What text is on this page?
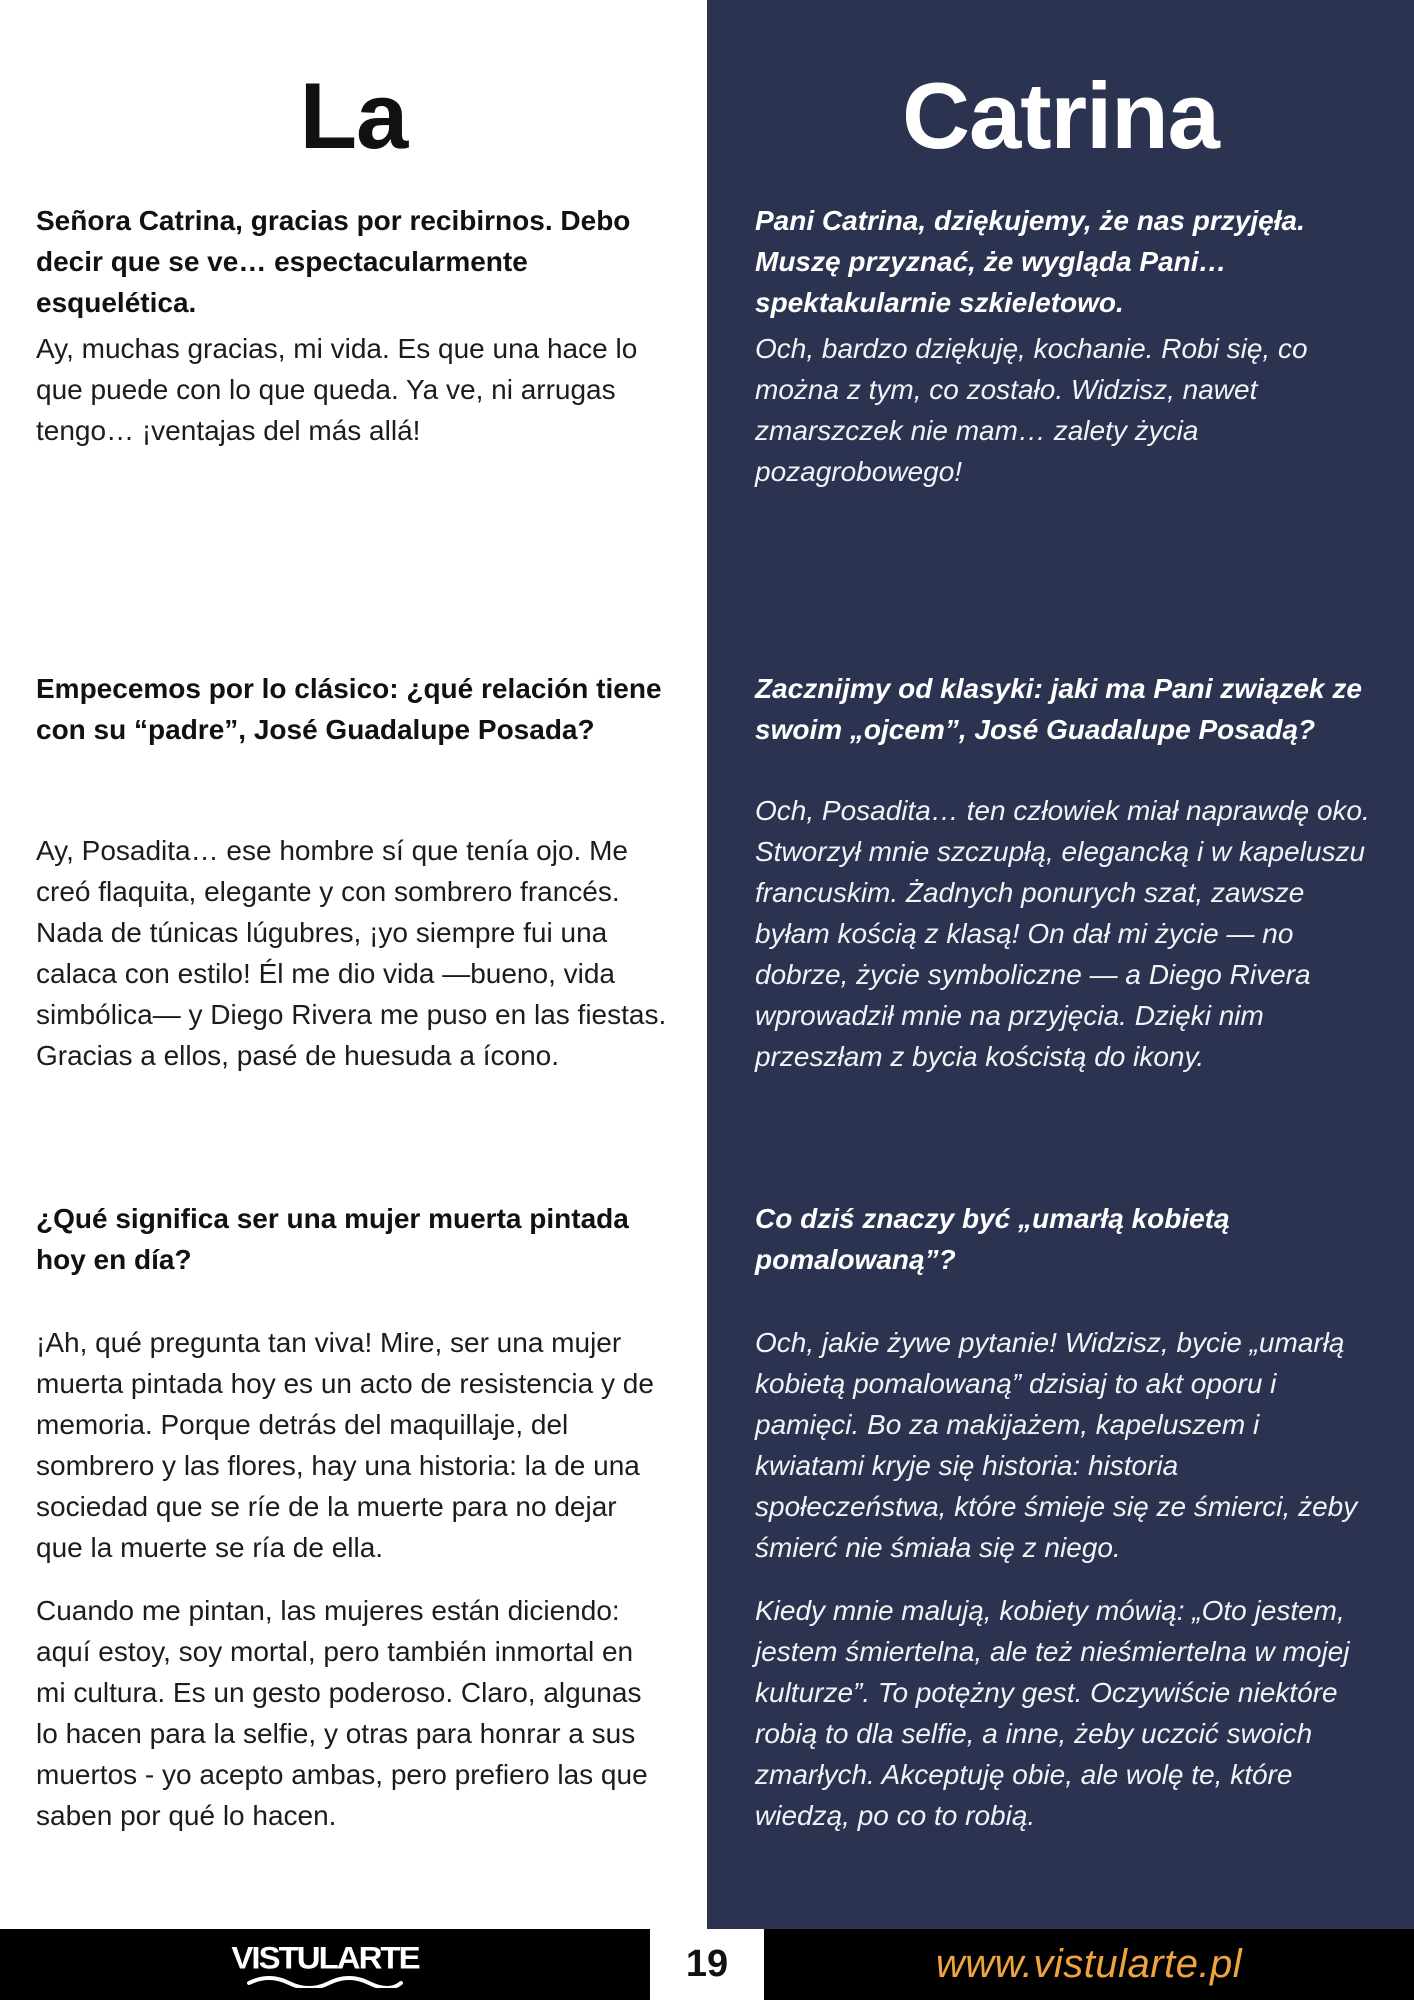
La

Señora Catrina, gracias por recibirnos. Debo decir que se ve… espectacularmente esquelética.

Ay, muchas gracias, mi vida. Es que una hace lo que puede con lo que queda. Ya ve, ni arrugas tengo… ¡ventajas del más allá!

Empecemos por lo clásico: ¿qué relación tiene con su “padre”, José Guadalupe Posada?

Ay, Posadita… ese hombre sí que tenía ojo. Me creó flaquita, elegante y con sombrero francés. Nada de túnicas lúgubres, ¡yo siempre fui una calaca con estilo! Él me dio vida —bueno, vida simbólica— y Diego Rivera me puso en las fiestas. Gracias a ellos, pasé de huesuda a ícono.

¿Qué significa ser una mujer muerta pintada hoy en día?

¡Ah, qué pregunta tan viva! Mire, ser una mujer muerta pintada hoy es un acto de resistencia y de memoria. Porque detrás del maquillaje, del sombrero y las flores, hay una historia: la de una sociedad que se ríe de la muerte para no dejar que la muerte se ría de ella.

Cuando me pintan, las mujeres están diciendo: aquí estoy, soy mortal, pero también inmortal en mi cultura. Es un gesto poderoso. Claro, algunas lo hacen para la selfie, y otras para honrar a sus muertos - yo acepto ambas, pero prefiero las que saben por qué lo hacen.

Catrina

Pani Catrina, dziękujemy, że nas przyjęła. Muszę przyznać, że wygląda Pani… spektakularnie szkieletowo.

Och, bardzo dziękuję, kochanie. Robi się, co można z tym, co zostało. Widzisz, nawet zmarszczek nie mam… zalety życia pozagrobowego!

Zacznijmy od klasyki: jaki ma Pani związek ze swoim „ojcem”, José Guadalupe Posadą?

Och, Posadita… ten człowiek miał naprawdę oko. Stworzył mnie szczupłą, elegancką i w kapeluszu francuskim. Żadnych ponurych szat, zawsze byłam kością z klasą! On dał mi życie — no dobrze, życie symboliczne — a Diego Rivera wprowadził mnie na przyjęcia. Dzięki nim przeszłam z bycia kościstą do ikony.

Co dziś znaczy być „umarłą kobietą pomalowaną”?

Och, jakie żywe pytanie! Widzisz, bycie „umarłą kobietą pomalowaną” dzisiaj to akt oporu i pamięci. Bo za makijażem, kapeluszem i kwiatami kryje się historia: historia społeczeństwa, które śmieje się ze śmierci, żeby śmierć nie śmiała się z niego.

Kiedy mnie malują, kobiety mówią: „Oto jestem, jestem śmiertelna, ale też nieśmiertelna w mojej kulturze”. To potężny gest. Oczywiście niektóre robią to dla selfie, a inne, żeby uczcić swoich zmarłych. Akceptuję obie, ale wolę te, które wiedzą, po co to robią.

VISTULARTE	19	www.vistularte.pl
